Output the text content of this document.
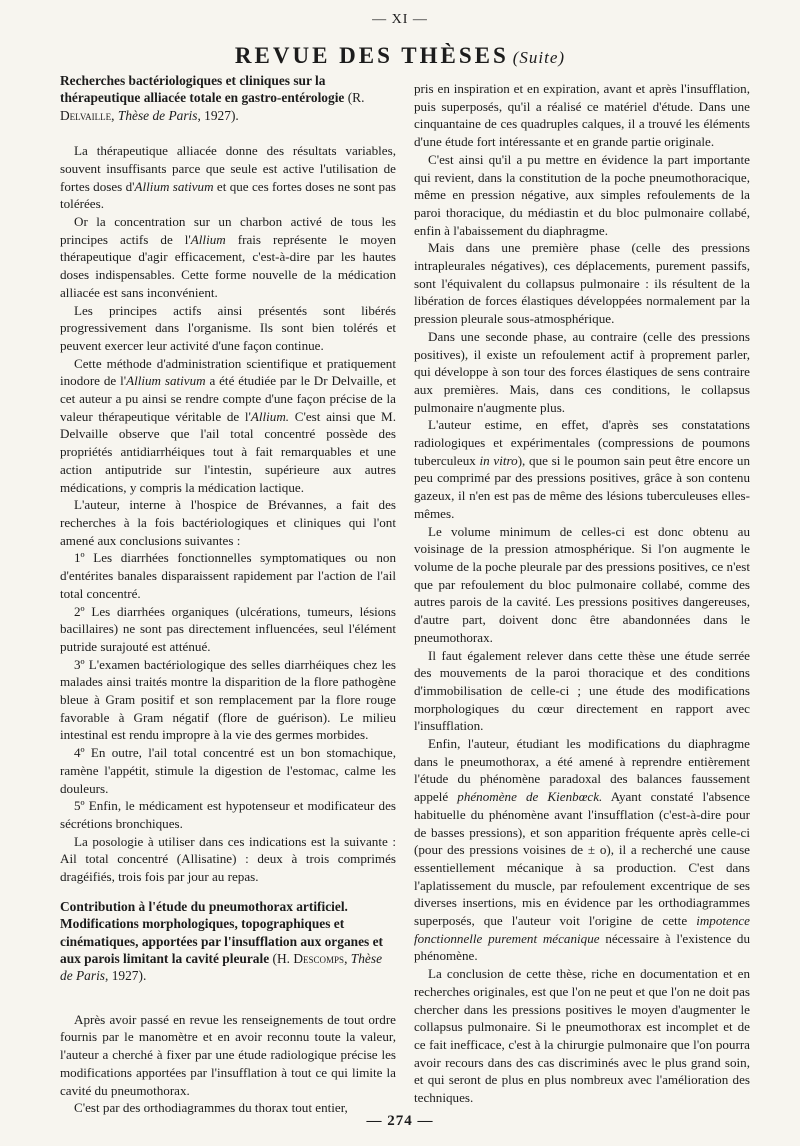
— XI —
REVUE DES THÈSES (Suite)
Recherches bactériologiques et cliniques sur la thérapeutique alliacée totale en gastro-entérologie (R. Delvaille, Thèse de Paris, 1927).

La thérapeutique alliacée donne des résultats variables, souvent insuffisants parce que seule est active l'utilisation de fortes doses d'Allium sativum et que ces fortes doses ne sont pas tolérées.

Or la concentration sur un charbon activé de tous les principes actifs de l'Allium frais représente le moyen thérapeutique d'agir efficacement, c'est-à-dire par les hautes doses indispensables. Cette forme nouvelle de la médication alliacée est sans inconvénient.

Les principes actifs ainsi présentés sont libérés progressivement dans l'organisme. Ils sont bien tolérés et peuvent exercer leur activité d'une façon continue.

Cette méthode d'administration scientifique et pratiquement inodore de l'Allium sativum a été étudiée par le Dr Delvaille, et cet auteur a pu ainsi se rendre compte d'une façon précise de la valeur thérapeutique véritable de l'Allium. C'est ainsi que M. Delvaille observe que l'ail total concentré possède des propriétés antidiarrhéiques tout à fait remarquables et une action antiputride sur l'intestin, supérieure aux autres médications, y compris la médication lactique.

L'auteur, interne à l'hospice de Brévannes, a fait des recherches à la fois bactériologiques et cliniques qui l'ont amené aux conclusions suivantes :

1º Les diarrhées fonctionnelles symptomatiques ou non d'entérites banales disparaissent rapidement par l'action de l'ail total concentré.

2º Les diarrhées organiques (ulcérations, tumeurs, lésions bacillaires) ne sont pas directement influencées, seul l'élément putride surajouté est atténué.

3º L'examen bactériologique des selles diarrhéiques chez les malades ainsi traités montre la disparition de la flore pathogène bleue à Gram positif et son remplacement par la flore rouge favorable à Gram négatif (flore de guérison). Le milieu intestinal est rendu impropre à la vie des germes morbides.

4º En outre, l'ail total concentré est un bon stomachique, ramène l'appétit, stimule la digestion de l'estomac, calme les douleurs.

5º Enfin, le médicament est hypotenseur et modificateur des sécrétions bronchiques.

La posologie à utiliser dans ces indications est la suivante : Ail total concentré (Allisatine) : deux à trois comprimés dragéifiés, trois fois par jour au repas.

Contribution à l'étude du pneumothorax artificiel. Modifications morphologiques, topographiques et cinématiques, apportées par l'insufflation aux organes et aux parois limitant la cavité pleurale (H. Descomps, Thèse de Paris, 1927).

Après avoir passé en revue les renseignements de tout ordre fournis par le manomètre et en avoir reconnu toute la valeur, l'auteur a cherché à fixer par une étude radiologique précise les modifications apportées par l'insufflation à tout ce qui limite la cavité du pneumothorax.

C'est par des orthodiagrammes du thorax tout entier,

pris en inspiration et en expiration, avant et après l'insufflation, puis superposés, qu'il a réalisé ce matériel d'étude. Dans une cinquantaine de ces quadruples calques, il a trouvé les éléments d'une étude fort intéressante et en grande partie originale.

C'est ainsi qu'il a pu mettre en évidence la part importante qui revient, dans la constitution de la poche pneumothoracique, même en pression négative, aux simples refoulements de la paroi thoracique, du médiastin et du bloc pulmonaire collabé, enfin à l'abaissement du diaphragme.

Mais dans une première phase (celle des pressions intrapleurales négatives), ces déplacements, purement passifs, sont l'équivalent du collapsus pulmonaire : ils résultent de la libération de forces élastiques développées normalement par la pression pleurale sous-atmosphérique.

Dans une seconde phase, au contraire (celle des pressions positives), il existe un refoulement actif à proprement parler, qui développe à son tour des forces élastiques de sens contraire aux premières. Mais, dans ces conditions, le collapsus pulmonaire n'augmente plus.

L'auteur estime, en effet, d'après ses constatations radiologiques et expérimentales (compressions de poumons tuberculeux in vitro), que si le poumon sain peut être encore un peu comprimé par des pressions positives, grâce à son contenu gazeux, il n'en est pas de même des lésions tuberculeuses elles-mêmes.

Le volume minimum de celles-ci est donc obtenu au voisinage de la pression atmosphérique. Si l'on augmente le volume de la poche pleurale par des pressions positives, ce n'est que par refoulement du bloc pulmonaire collabé, comme des autres parois de la cavité. Les pressions positives dangereuses, d'autre part, doivent donc être abandonnées dans le pneumothorax.

Il faut également relever dans cette thèse une étude serrée des mouvements de la paroi thoracique et des conditions d'immobilisation de celle-ci ; une étude des modifications morphologiques du cœur directement en rapport avec l'insufflation.

Enfin, l'auteur, étudiant les modifications du diaphragme dans le pneumothorax, a été amené à reprendre entièrement l'étude du phénomène paradoxal des balances faussement appelé phénomène de Kienbœck. Ayant constaté l'absence habituelle du phénomène avant l'insufflation (c'est-à-dire pour de basses pressions), et son apparition fréquente après celle-ci (pour des pressions voisines de ± o), il a recherché une cause essentiellement mécanique à sa production. C'est dans l'aplatissement du muscle, par refoulement excentrique de ses diverses insertions, mis en évidence par les orthodiagrammes superposés, que l'auteur voit l'origine de cette impotence fonctionnelle purement mécanique nécessaire à l'existence du phénomène.

La conclusion de cette thèse, riche en documentation et en recherches originales, est que l'on ne peut et que l'on ne doit pas chercher dans les pressions positives le moyen d'augmenter le collapsus pulmonaire. Si le pneumothorax est incomplet et de ce fait inefficace, c'est à la chirurgie pulmonaire que l'on pourra avoir recours dans des cas discriminés avec le plus grand soin, et qui seront de plus en plus nombreux avec l'amélioration des techniques.

— 274 —
